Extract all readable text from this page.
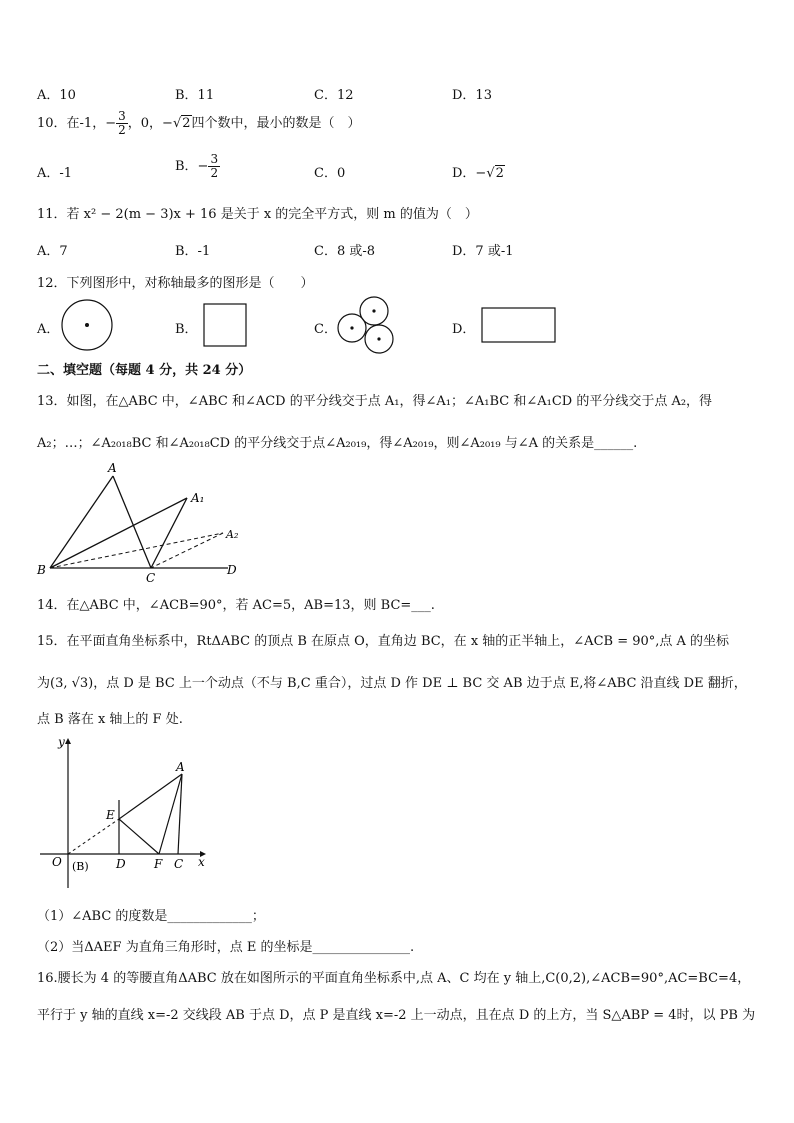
A．10	B．11	C．12	D．13
10．在-1，− $\frac{3}{2}$ ，0，−√2四个数中，最小的数是（　）
A．-1	B．− $\frac{3}{2}$	C．0	D．−√2
11．若 x² − 2(m − 3)x + 16 是关于 x 的完全平方式，则 m 的值为（　）
A．7	B．-1	C．8 或-8	D．7 或-1
12．下列图形中，对称轴最多的图形是（　　）
A．	B．	C．	D．
二、填空题（每题 4 分，共 24 分）
13．如图，在△ABC 中，∠ABC 和∠ACD 的平分线交于点 A₁，得∠A₁；∠A₁BC 和∠A₁CD 的平分线交于点 A₂，得
A₂；…；∠A₂₀₁₈BC 和∠A₂₀₁₈CD 的平分线交于点∠A₂₀₁₉，得∠A₂₀₁₉，则∠A₂₀₁₉ 与∠A 的关系是______.
A
A₁
A₂
B
C
D
14．在△ABC 中，∠ACB=90°，若 AC=5，AB=13，则 BC=___.
15．在平面直角坐标系中，RtΔABC 的顶点 B 在原点 O，直角边 BC，在 x 轴的正半轴上，∠ACB = 90°,点 A 的坐标
为(3, √3)，点 D 是 BC 上一个动点（不与 B,C 重合），过点 D 作 DE ⊥ BC 交 AB 边于点 E,将∠ABC 沿直线 DE 翻折，
点 B 落在 x 轴上的 F 处.
y
x
A
E
O (B) D F C
（1）∠ABC 的度数是_____________；
（2）当ΔAEF 为直角三角形时，点 E 的坐标是_______________.
16.腰长为 4 的等腰直角ΔABC 放在如图所示的平面直角坐标系中,点 A、C 均在 y 轴上,C(0,2),∠ACB=90°,AC=BC=4，
平行于 y 轴的直线 x=-2 交线段 AB 于点 D，点 P 是直线 x=-2 上一动点，且在点 D 的上方，当 S△ABP = 4时，以 PB 为
